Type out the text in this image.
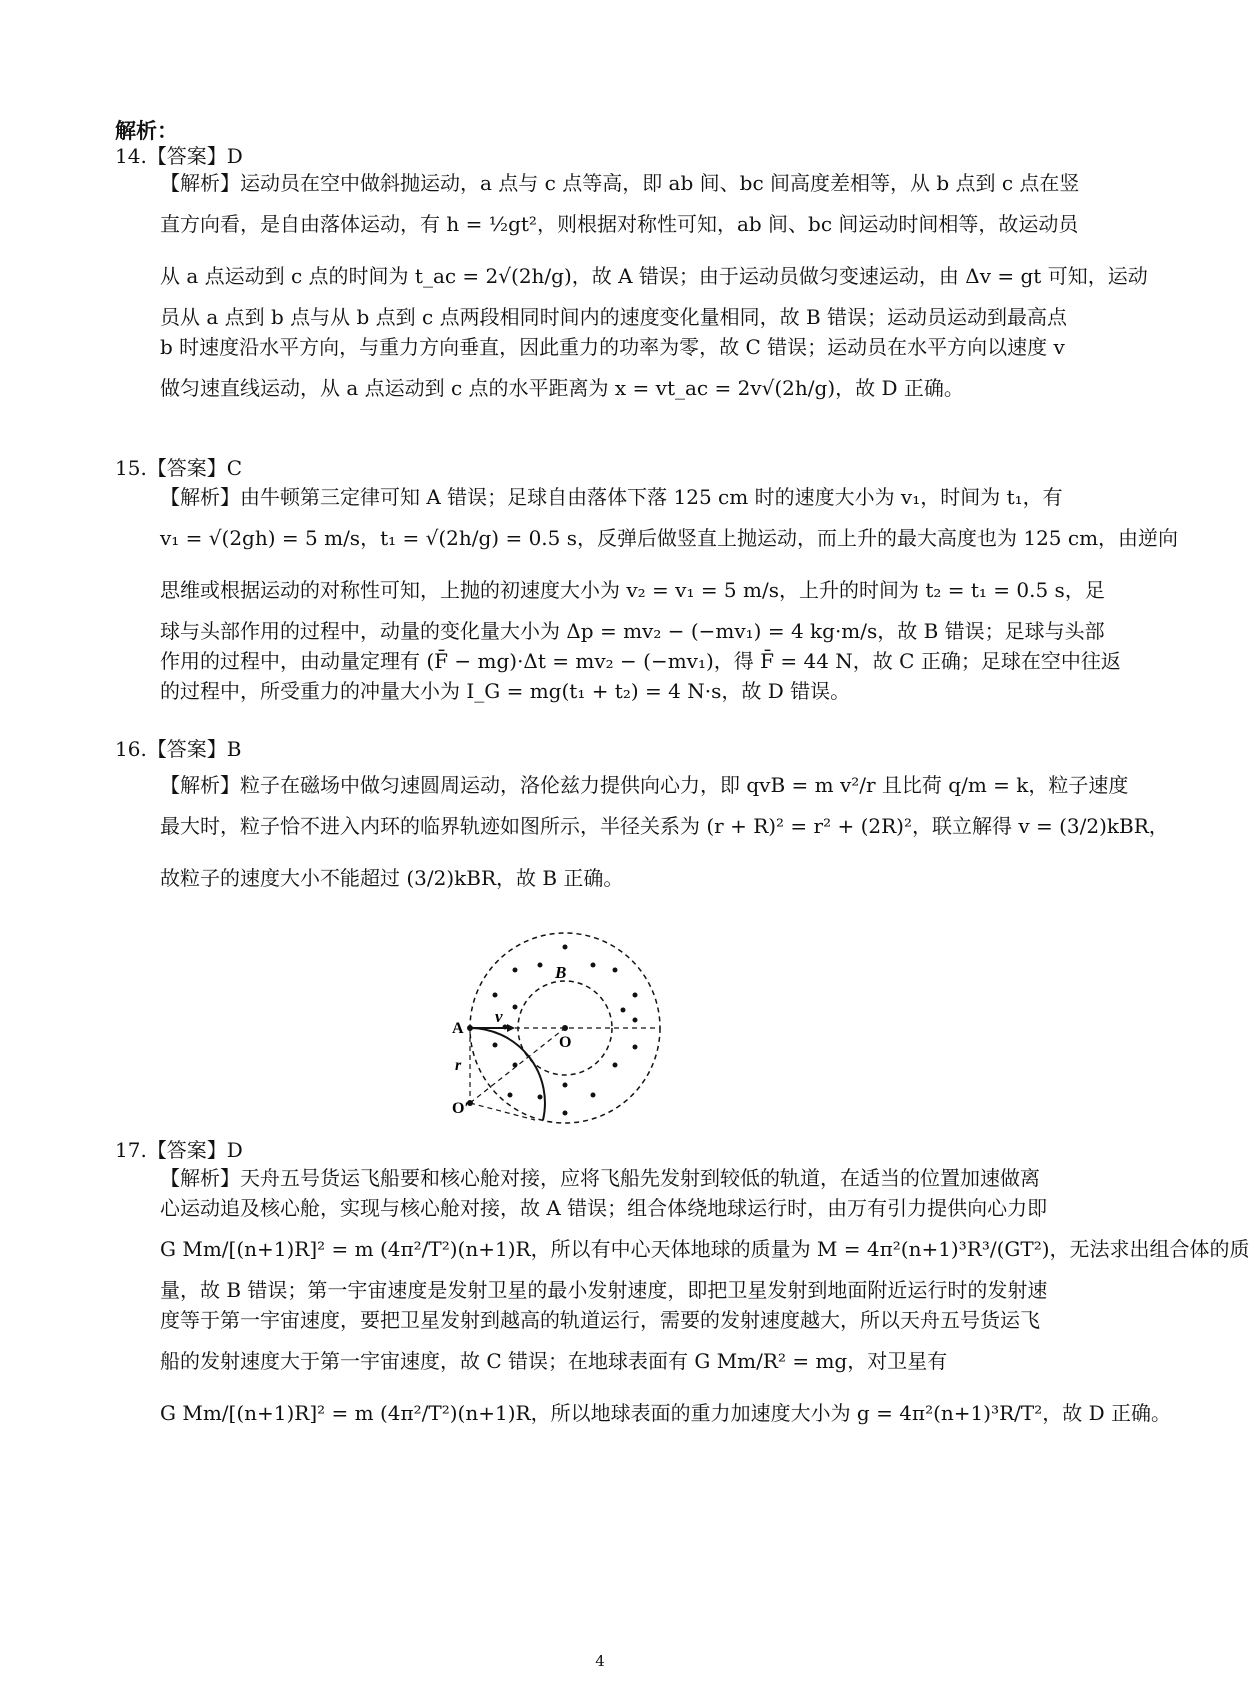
解析：
14.【答案】D
【解析】运动员在空中做斜抛运动，a 点与 c 点等高，即 ab 间、bc 间高度差相等，从 b 点到 c 点在竖
直方向看，是自由落体运动，有 h = ½gt²，则根据对称性可知，ab 间、bc 间运动时间相等，故运动员
从 a 点运动到 c 点的时间为 t_ac = 2√(2h/g)，故 A 错误；由于运动员做匀变速运动，由 Δv = gt 可知，运动
员从 a 点到 b 点与从 b 点到 c 点两段相同时间内的速度变化量相同，故 B 错误；运动员运动到最高点
b 时速度沿水平方向，与重力方向垂直，因此重力的功率为零，故 C 错误；运动员在水平方向以速度 v
做匀速直线运动，从 a 点运动到 c 点的水平距离为 x = vt_ac = 2v√(2h/g)，故 D 正确。
15.【答案】C
【解析】由牛顿第三定律可知 A 错误；足球自由落体下落 125 cm 时的速度大小为 v₁，时间为 t₁，有
v₁ = √(2gh) = 5 m/s，t₁ = √(2h/g) = 0.5 s，反弹后做竖直上抛运动，而上升的最大高度也为 125 cm，由逆向
思维或根据运动的对称性可知，上抛的初速度大小为 v₂ = v₁ = 5 m/s，上升的时间为 t₂ = t₁ = 0.5 s，足
球与头部作用的过程中，动量的变化量大小为 Δp = mv₂ − (−mv₁) = 4 kg·m/s，故 B 错误；足球与头部
作用的过程中，由动量定理有 (F̄ − mg)·Δt = mv₂ − (−mv₁)，得 F̄ = 44 N，故 C 正确；足球在空中往返
的过程中，所受重力的冲量大小为 I_G = mg(t₁ + t₂) = 4 N·s，故 D 错误。
16.【答案】B
【解析】粒子在磁场中做匀速圆周运动，洛伦兹力提供向心力，即 qvB = m v²/r 且比荷 q/m = k，粒子速度
最大时，粒子恰不进入内环的临界轨迹如图所示，半径关系为 (r + R)² = r² + (2R)²，联立解得 v = (3/2)kBR，
故粒子的速度大小不能超过 (3/2)kBR，故 B 正确。
B
v
A
O
r
O′
17.【答案】D
【解析】天舟五号货运飞船要和核心舱对接，应将飞船先发射到较低的轨道，在适当的位置加速做离
心运动追及核心舱，实现与核心舱对接，故 A 错误；组合体绕地球运行时，由万有引力提供向心力即
G Mm/[(n+1)R]² = m (4π²/T²)(n+1)R，所以有中心天体地球的质量为 M = 4π²(n+1)³R³/(GT²)，无法求出组合体的质
量，故 B 错误；第一宇宙速度是发射卫星的最小发射速度，即把卫星发射到地面附近运行时的发射速
度等于第一宇宙速度，要把卫星发射到越高的轨道运行，需要的发射速度越大，所以天舟五号货运飞
船的发射速度大于第一宇宙速度，故 C 错误；在地球表面有 G Mm/R² = mg，对卫星有
G Mm/[(n+1)R]² = m (4π²/T²)(n+1)R，所以地球表面的重力加速度大小为 g = 4π²(n+1)³R/T²，故 D 正确。
4
